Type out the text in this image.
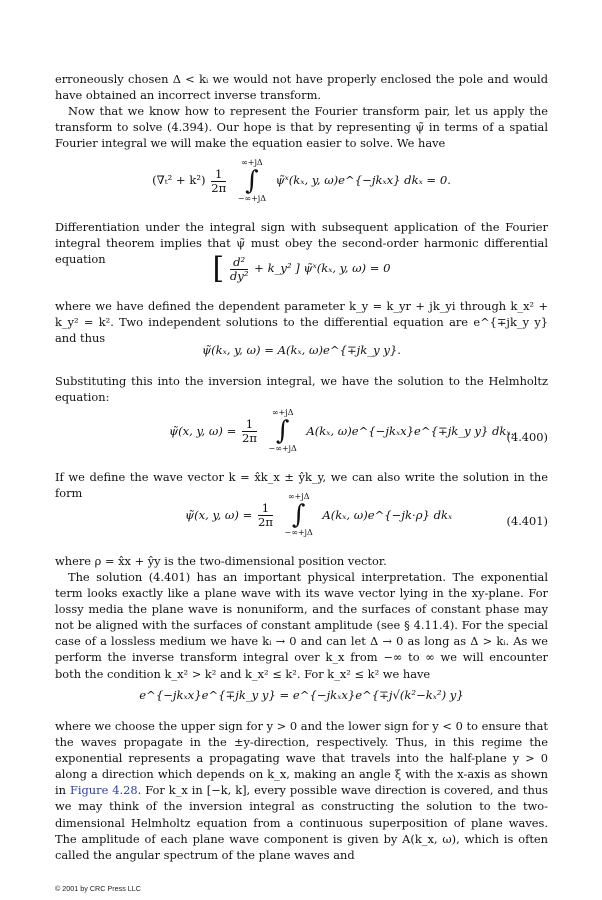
erroneously chosen Δ < kᵢ we would not have properly enclosed the pole and would have obtained an incorrect inverse transform.

Now that we know how to represent the Fourier transform pair, let us apply the transform to solve (4.394). Our hope is that by representing ψ̃ in terms of a spatial Fourier integral we will make the equation easier to solve. We have

$(\nabla_t^2 + k^2) \frac{1}{2\pi}$

∞+jΔ
∫
−∞+jΔ
ψ̃ˣ(kₓ, y, ω)e^{−jkₓx} dkₓ = 0.

Differentiation under the integral sign with subsequent application of the Fourier integral theorem implies that ψ̃ must obey the second-order harmonic differential equation	[ $\frac{\text{d²}}{\text{dy²}}$ + k_y² ] ψ̃ˣ(kₓ, y, ω) = 0

where we have defined the dependent parameter k_y = k_yr + jk_yi through k_x² + k_y² = k². Two independent solutions to the differential equation are e^{∓jk_y y} and thus

ψ̃(kₓ, y, ω) = A(kₓ, ω)e^{∓jk_y y}.

Substituting this into the inversion integral, we have the solution to the Helmholtz equation:

ψ̃(x, y, $\omega) = \frac{1}{2\pi}$

∞+jΔ
∫
−∞+jΔ
A(kₓ, ω)e^{−jkₓx}e^{∓jk_y y} dkₓ.
(4.400)

If we define the wave vector k = x̂k_x ± ŷk_y, we can also write the solution in the form

ψ̃(x, y, $\omega) = \frac{1}{2\pi}$

∞+jΔ
∫
−∞+jΔ
A(kₓ, ω)e^{−jk·ρ} dkₓ	(4.401)

where ρ = x̂x + ŷy is the two-dimensional position vector.

The solution (4.401) has an important physical interpretation. The exponential term looks exactly like a plane wave with its wave vector lying in the xy-plane. For lossy media the plane wave is nonuniform, and the surfaces of constant phase may not be aligned with the surfaces of constant amplitude (see § 4.11.4). For the special case of a lossless medium we have kᵢ → 0 and can let Δ → 0 as long as Δ > kᵢ. As we perform the inverse transform integral over k_x from −∞ to ∞ we will encounter both the condition k_x² > k² and k_x² ≤ k². For k_x² ≤ k² we have

e^{−jkₓx}e^{∓jk_y y} = e^{−jkₓx}e^{∓j√(k²−kₓ²) y}

where we choose the upper sign for y > 0 and the lower sign for y < 0 to ensure that the waves propagate in the ±y-direction, respectively. Thus, in this regime the exponential represents a propagating wave that travels into the half-plane y > 0 along a direction which depends on k_x, making an angle ξ with the x-axis as shown in Figure 4.28. For k_x in [−k, k], every possible wave direction is covered, and thus we may think of the inversion integral as constructing the solution to the two-dimensional Helmholtz equation from a continuous superposition of plane waves. The amplitude of each plane wave component is given by A(k_x, ω), which is often called the angular spectrum of the plane waves and

© 2001 by CRC Press LLC
